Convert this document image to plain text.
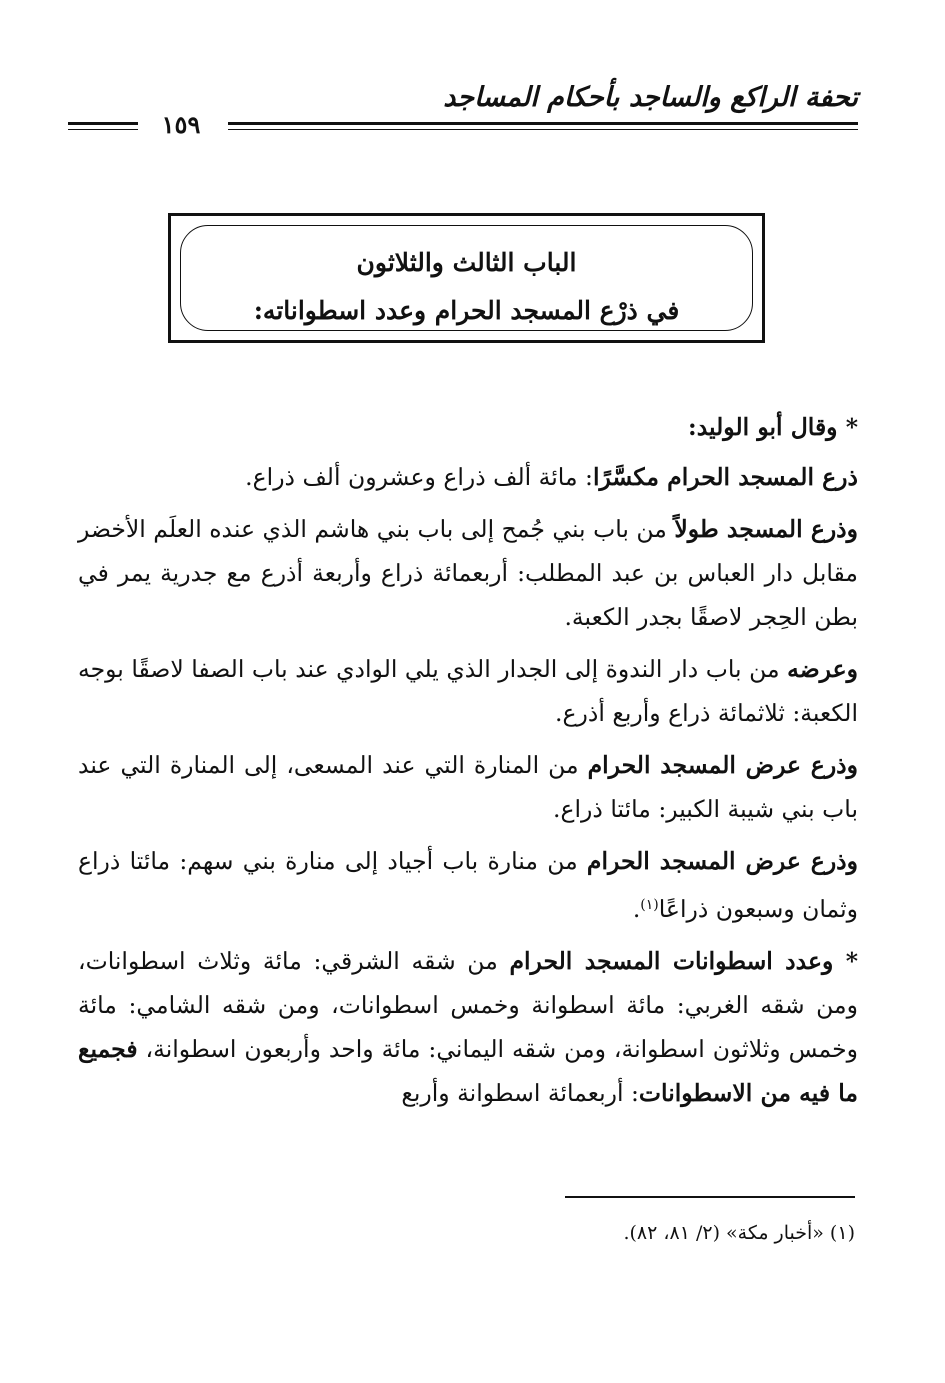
تحفة الراكع والساجد بأحكام المساجد
١٥٩
الباب الثالث والثلاثون
في ذرْع المسجد الحرام وعدد اسطواناته:

* وقال أبو الوليد:

ذرع المسجد الحرام مكسَّرًا: مائة ألف ذراع وعشرون ألف ذراع.

وذرع المسجد طولاً من باب بني جُمح إلى باب بني هاشم الذي عنده العلَم الأخضر مقابل دار العباس بن عبد المطلب: أربعمائة ذراع وأربعة أذرع مع جدرية يمر في بطن الحِجر لاصقًا بجدر الكعبة.

وعرضه من باب دار الندوة إلى الجدار الذي يلي الوادي عند باب الصفا لاصقًا بوجه الكعبة: ثلاثمائة ذراع وأربع أذرع.

وذرع عرض المسجد الحرام من المنارة التي عند المسعى، إلى المنارة التي عند باب بني شيبة الكبير: مائتا ذراع.

وذرع عرض المسجد الحرام من منارة باب أجياد إلى منارة بني سهم: مائتا ذراع وثمان وسبعون ذراعًا$^{(١)}$.

* وعدد اسطوانات المسجد الحرام من شقه الشرقي: مائة وثلاث اسطوانات، ومن شقه الغربي: مائة اسطوانة وخمس اسطوانات، ومن شقه الشامي: مائة وخمس وثلاثون اسطوانة، ومن شقه اليماني: مائة واحد وأربعون اسطوانة، فجميع ما فيه من الاسطوانات: أربعمائة اسطوانة وأربع

(١) «أخبار مكة» (٢/ ٨١، ٨٢).
